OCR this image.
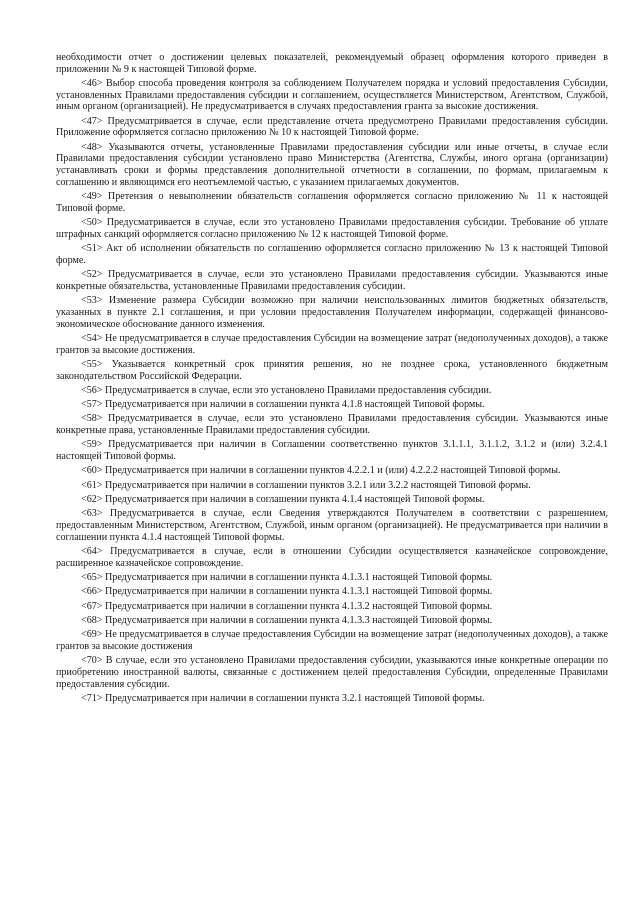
необходимости отчет о достижении целевых показателей, рекомендуемый образец оформления которого приведен в приложении № 9 к настоящей Типовой форме.

<46> Выбор способа проведения контроля за соблюдением Получателем порядка и условий предоставления Субсидии, установленных Правилами предоставления субсидии и соглашением, осуществляется Министерством, Агентством, Службой, иным органом (организацией). Не предусматривается в случаях предоставления гранта за высокие достижения.

<47> Предусматривается в случае, если представление отчета предусмотрено Правилами предоставления субсидии. Приложение оформляется согласно приложению № 10 к настоящей Типовой форме.

<48> Указываются отчеты, установленные Правилами предоставления субсидии или иные отчеты, в случае если Правилами предоставления субсидии установлено право Министерства (Агентства, Службы, иного органа (организации) устанавливать сроки и формы представления дополнительной отчетности в соглашении, по формам, прилагаемым к соглашению и являющимся его неотъемлемой частью, с указанием прилагаемых документов.

<49> Претензия о невыполнении обязательств соглашения оформляется согласно приложению № 11 к настоящей Типовой форме.

<50> Предусматривается в случае, если это установлено Правилами предоставления субсидии. Требование об уплате штрафных санкций оформляется согласно приложению № 12 к настоящей Типовой форме.

<51> Акт об исполнении обязательств по соглашению оформляется согласно приложению № 13 к настоящей Типовой форме.

<52> Предусматривается в случае, если это установлено Правилами предоставления субсидии. Указываются иные конкретные обязательства, установленные Правилами предоставления субсидии.

<53> Изменение размера Субсидии возможно при наличии неиспользованных лимитов бюджетных обязательств, указанных в пункте 2.1 соглашения, и при условии предоставления Получателем информации, содержащей финансово-экономическое обоснование данного изменения.

<54> Не предусматривается в случае предоставления Субсидии на возмещение затрат (недополученных доходов), а также грантов за высокие достижения.

<55> Указывается конкретный срок принятия решения, но не позднее срока, установленного бюджетным законодательством Российской Федерации.

<56> Предусматривается в случае, если это установлено Правилами предоставления субсидии.

<57> Предусматривается при наличии в соглашении пункта 4.1.8 настоящей Типовой формы.

<58> Предусматривается в случае, если это установлено Правилами предоставления субсидии. Указываются иные конкретные права, установленные Правилами предоставления субсидии.

<59> Предусматривается при наличии в Соглашении соответственно пунктов 3.1.1.1, 3.1.1.2, 3.1.2 и (или) 3.2.4.1 настоящей Типовой формы.

<60> Предусматривается при наличии в соглашении пунктов 4.2.2.1 и (или) 4.2.2.2 настоящей Типовой формы.

<61> Предусматривается при наличии в соглашении пунктов 3.2.1 или 3.2.2 настоящей Типовой формы.

<62> Предусматривается при наличии в соглашении пункта 4.1.4 настоящей Типовой формы.

<63> Предусматривается в случае, если Сведения утверждаются Получателем в соответствии с разрешением, предоставленным Министерством, Агентством, Службой, иным органом (организацией). Не предусматривается при наличии в соглашении пункта 4.1.4 настоящей Типовой формы.

<64> Предусматривается в случае, если в отношении Субсидии осуществляется казначейское сопровождение, расширенное казначейское сопровождение.

<65> Предусматривается при наличии в соглашении пункта 4.1.3.1 настоящей Типовой формы.

<66> Предусматривается при наличии в соглашении пункта 4.1.3.1 настоящей Типовой формы.

<67> Предусматривается при наличии в соглашении пункта 4.1.3.2 настоящей Типовой формы.

<68> Предусматривается при наличии в соглашении пункта 4.1.3.3 настоящей Типовой формы.

<69> Не предусматривается в случае предоставления Субсидии на возмещение затрат (недополученных доходов), а также грантов за высокие достижения

<70> В случае, если это установлено Правилами предоставления субсидии, указываются иные конкретные операции по приобретению иностранной валюты, связанные с достижением целей предоставления Субсидии, определенные Правилами предоставления субсидии.

<71> Предусматривается при наличии в соглашении пункта 3.2.1 настоящей Типовой формы.
